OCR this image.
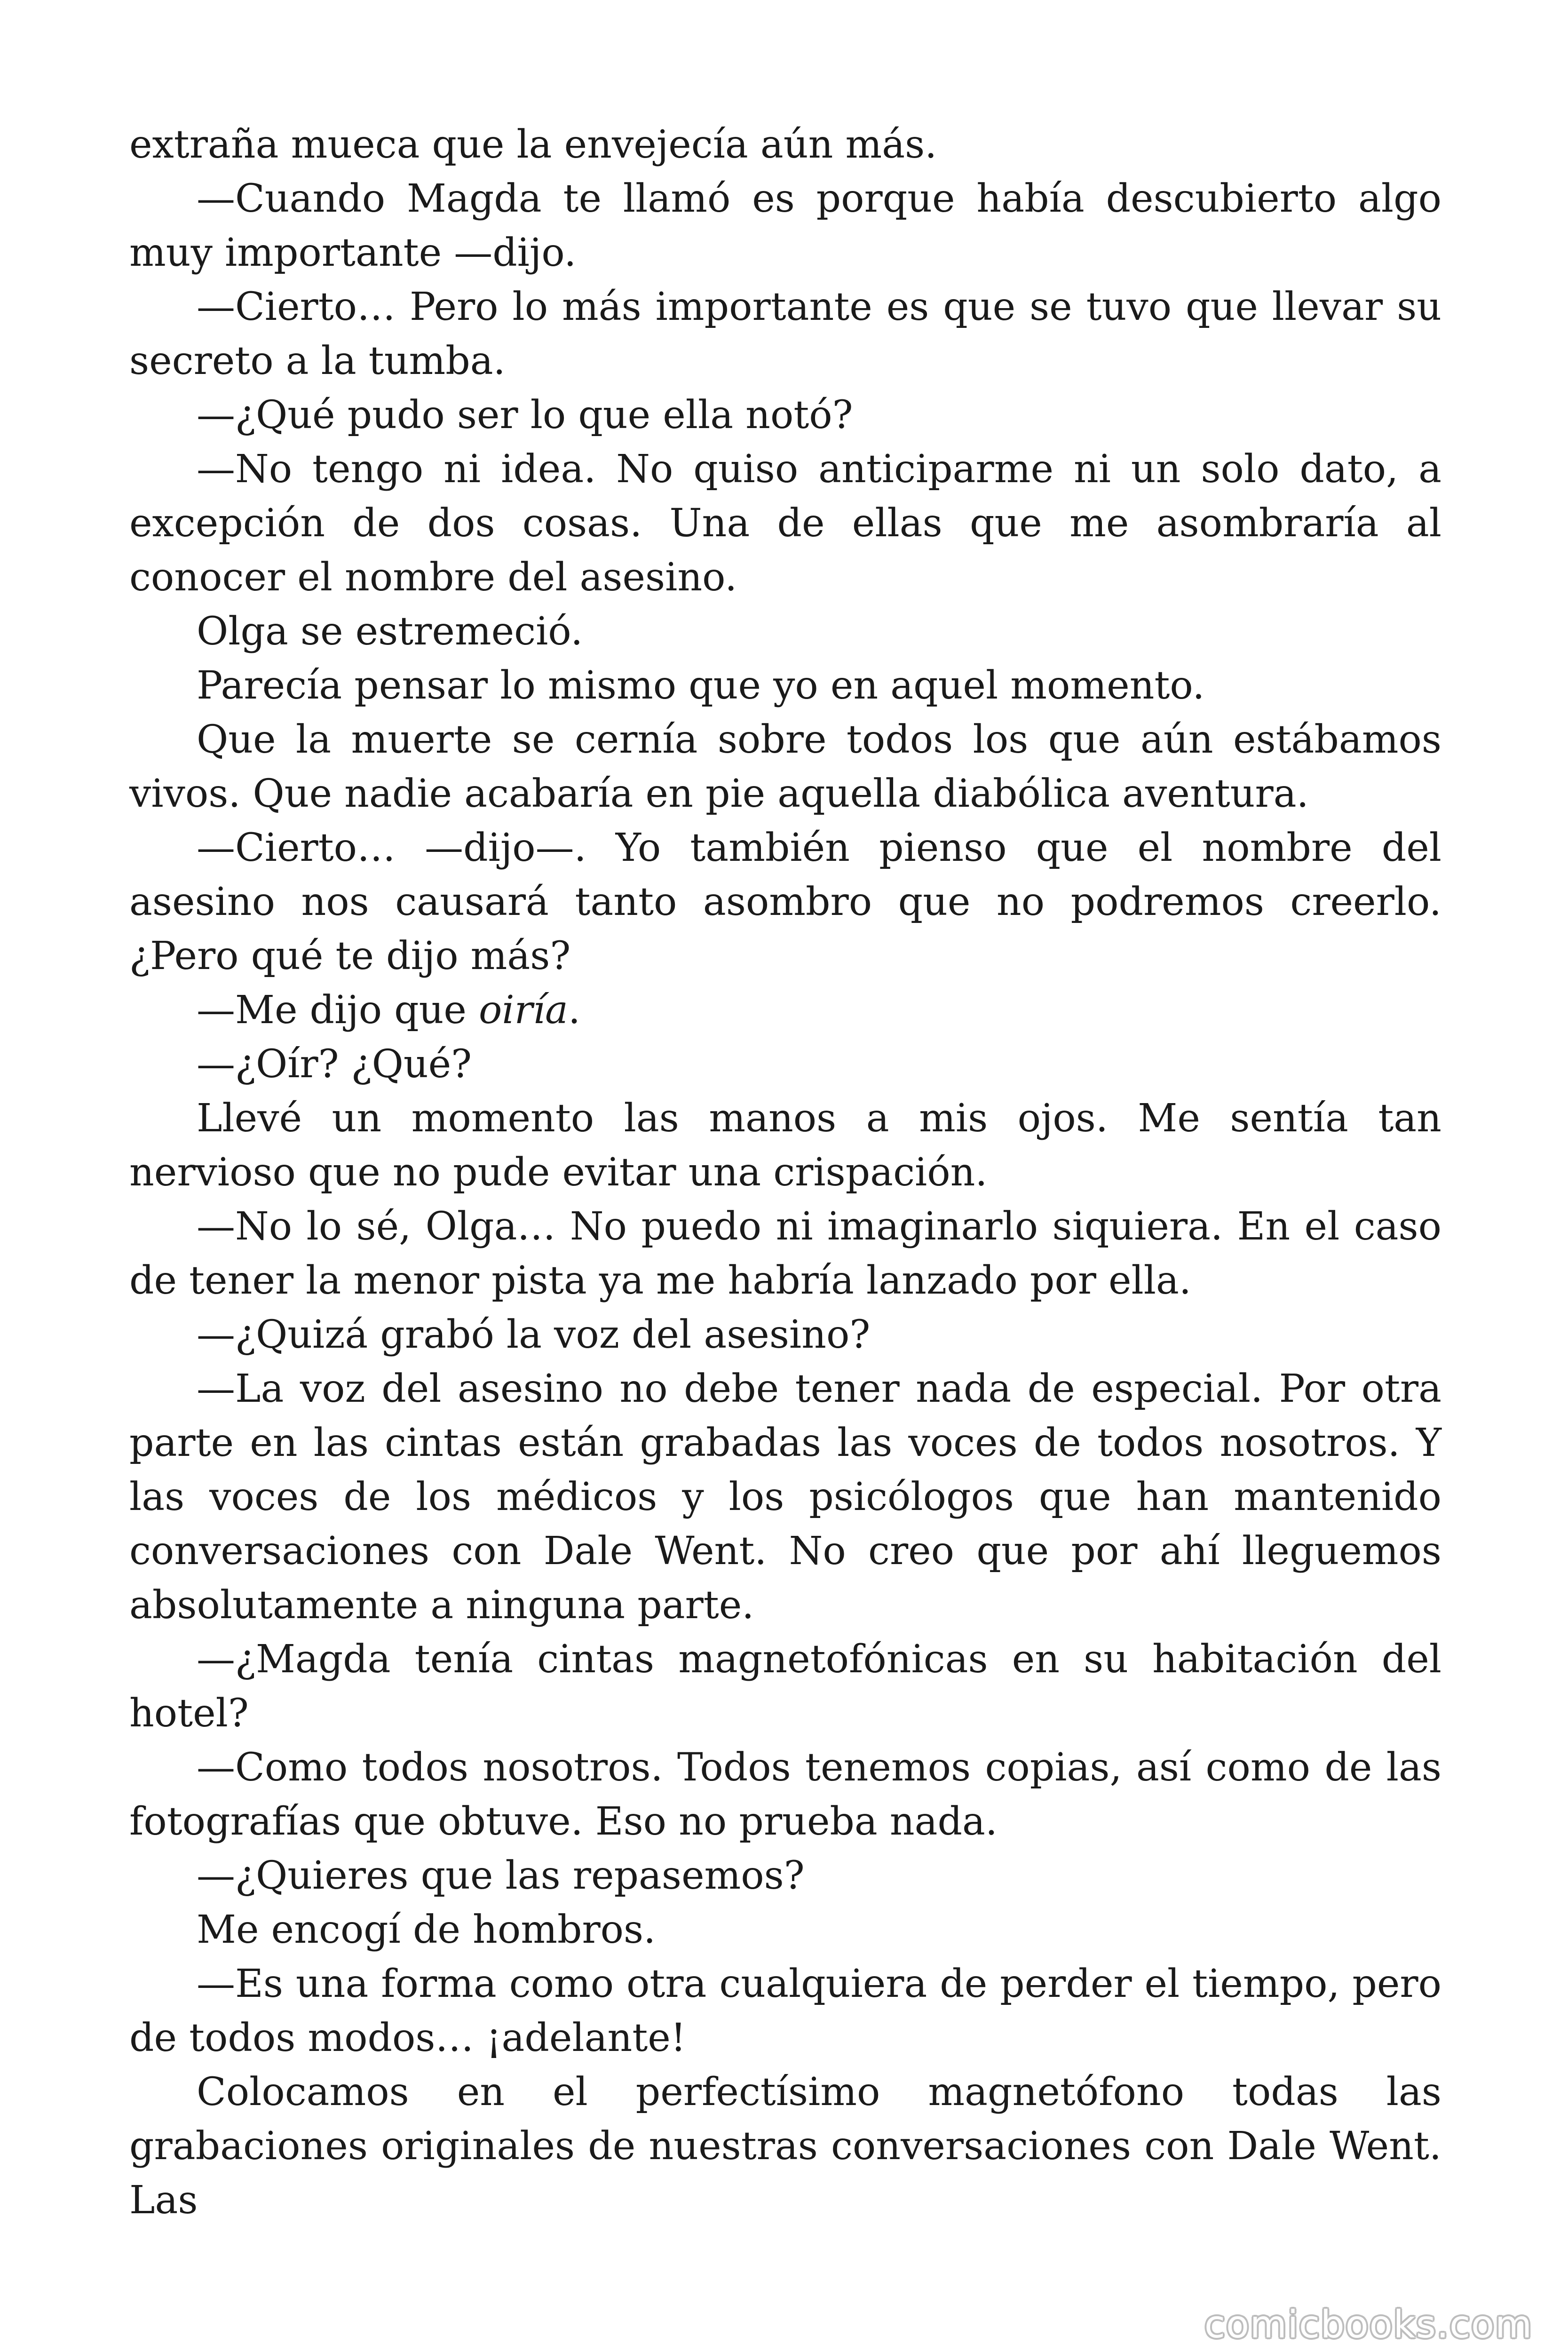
extraña mueca que la envejecía aún más.

—Cuando Magda te llamó es porque había descubierto algo muy importante —dijo.

—Cierto… Pero lo más importante es que se tuvo que llevar su secreto a la tumba.

—¿Qué pudo ser lo que ella notó?

—No tengo ni idea. No quiso anticiparme ni un solo dato, a excepción de dos cosas. Una de ellas que me asombraría al conocer el nombre del asesino.

Olga se estremeció.

Parecía pensar lo mismo que yo en aquel momento.

Que la muerte se cernía sobre todos los que aún estábamos vivos. Que nadie acabaría en pie aquella diabólica aventura.

—Cierto… —dijo—. Yo también pienso que el nombre del asesino nos causará tanto asombro que no podremos creerlo. ¿Pero qué te dijo más?

—Me dijo que oiría.

—¿Oír? ¿Qué?

Llevé un momento las manos a mis ojos. Me sentía tan nervioso que no pude evitar una crispación.

—No lo sé, Olga… No puedo ni imaginarlo siquiera. En el caso de tener la menor pista ya me habría lanzado por ella.

—¿Quizá grabó la voz del asesino?

—La voz del asesino no debe tener nada de especial. Por otra parte en las cintas están grabadas las voces de todos nosotros. Y las voces de los médicos y los psicólogos que han mantenido conversaciones con Dale Went. No creo que por ahí lleguemos absolutamente a ninguna parte.

—¿Magda tenía cintas magnetofónicas en su habitación del hotel?

—Como todos nosotros. Todos tenemos copias, así como de las fotografías que obtuve. Eso no prueba nada.

—¿Quieres que las repasemos?

Me encogí de hombros.

—Es una forma como otra cualquiera de perder el tiempo, pero de todos modos… ¡adelante!

Colocamos en el perfectísimo magnetófono todas las grabaciones originales de nuestras conversaciones con Dale Went. Las

comicbooks.com
